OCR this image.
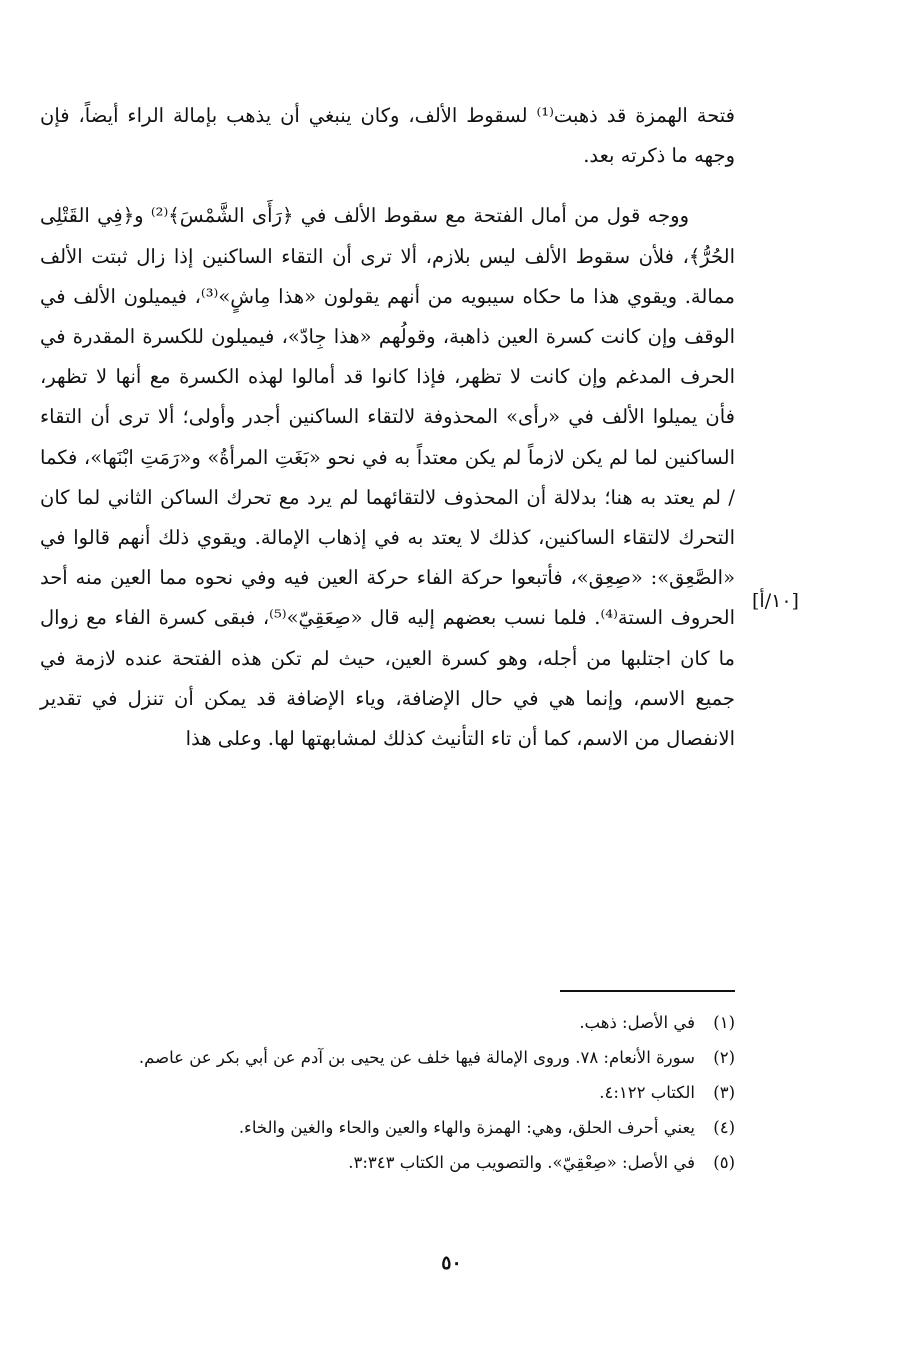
فتحة الهمزة قد ذهبت⁽¹⁾ لسقوط الألف، وكان ينبغي أن يذهب بإمالة الراء أيضاً، فإن وجهه ما ذكرته بعد.

ووجه قول من أمال الفتحة مع سقوط الألف في ﴿رَأَى الشَّمْسَ﴾⁽²⁾ و﴿فِي القَتْلِى الحُرُّ﴾، فلأن سقوط الألف ليس بلازم، ألا ترى أن التقاء الساكنين إذا زال ثبتت الألف ممالة. ويقوي هذا ما حكاه سيبويه من أنهم يقولون «هذا مِاشٍ»⁽³⁾، فيميلون الألف في الوقف وإن كانت كسرة العين ذاهبة، وقولُهم «هذا جِادّ»، فيميلون للكسرة المقدرة في الحرف المدغم وإن كانت لا تظهر، فإذا كانوا قد أمالوا لهذه الكسرة مع أنها لا تظهر، فأن يميلوا الألف في «رأى» المحذوفة لالتقاء الساكنين أجدر وأولى؛ ألا ترى أن التقاء الساكنين لما لم يكن لازماً لم يكن معتداً به في نحو «بَغَتِ المرأةُ» و«رَمَتِ ابْنَها»، فكما / لم يعتد به هنا؛ بدلالة أن المحذوف لالتقائهما لم يرد مع تحرك الساكن الثاني لما كان التحرك لالتقاء الساكنين، كذلك لا يعتد به في إذهاب الإمالة. ويقوي ذلك أنهم قالوا في «الصَّعِق»: «صِعِق»، فأتبعوا حركة الفاء حركة العين فيه وفي نحوه مما العين منه أحد الحروف الستة⁽⁴⁾. فلما نسب بعضهم إليه قال «صِعَقِيّ»⁽⁵⁾، فبقى كسرة الفاء مع زوال ما كان اجتلبها من أجله، وهو كسرة العين، حيث لم تكن هذه الفتحة عنده لازمة في جميع الاسم، وإنما هي في حال الإضافة، وياء الإضافة قد يمكن أن تنزل في تقدير الانفصال من الاسم، كما أن تاء التأنيث كذلك لمشابهتها لها. وعلى هذا

[١٠/أ]
(١)
في الأصل: ذهب.
(٢)
سورة الأنعام: ٧٨. وروى الإمالة فيها خلف عن يحيى بن آدم عن أبي بكر عن عاصم.
(٣)
الكتاب ٤:١٢٢.
(٤)
يعني أحرف الحلق، وهي: الهمزة والهاء والعين والحاء والغين والخاء.
(٥)
في الأصل: «صِعْقِيّ». والتصويب من الكتاب ٣:٣٤٣.
٥٠
